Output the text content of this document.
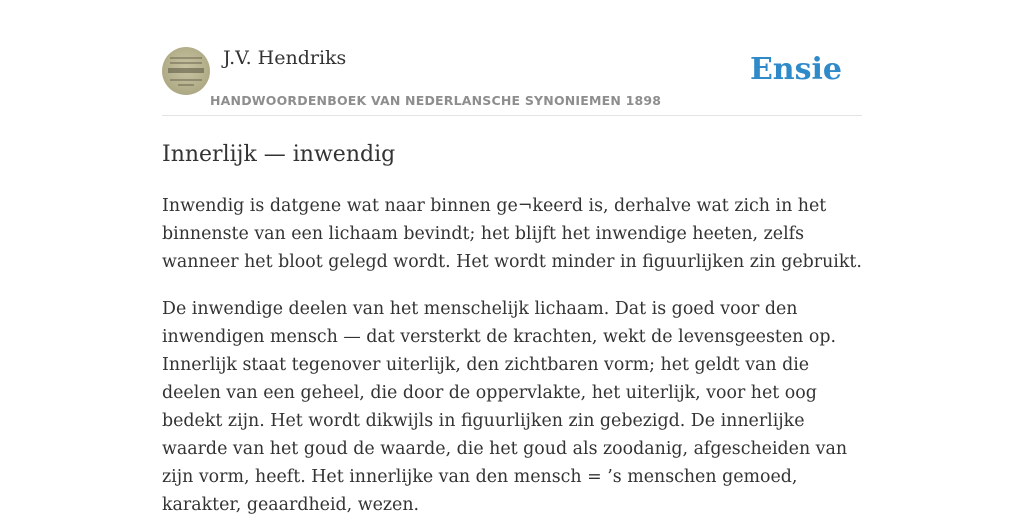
J.V. Hendriks
HANDWOORDENBOEK VAN NEDERLANSCHE SYNONIEMEN 1898
Ensie
Innerlijk — inwendig

Inwendig is datgene wat naar binnen ge¬keerd is, derhalve wat zich in het binnenste van een lichaam bevindt; het blijft het inwendige heeten, zelfs wanneer het bloot gelegd wordt. Het wordt minder in figuurlijken zin gebruikt.

De inwendige deelen van het menschelijk lichaam. Dat is goed voor den inwendigen mensch — dat versterkt de krachten, wekt de levensgeesten op. Innerlijk staat tegenover uiterlijk, den zichtbaren vorm; het geldt van die deelen van een geheel, die door de oppervlakte, het uiterlijk, voor het oog bedekt zijn. Het wordt dikwijls in figuurlijken zin gebezigd. De innerlijke waarde van het goud de waarde, die het goud als zoodanig, afgescheiden van zijn vorm, heeft. Het innerlijke van den mensch = ’s menschen gemoed, karakter, geaardheid, wezen.
